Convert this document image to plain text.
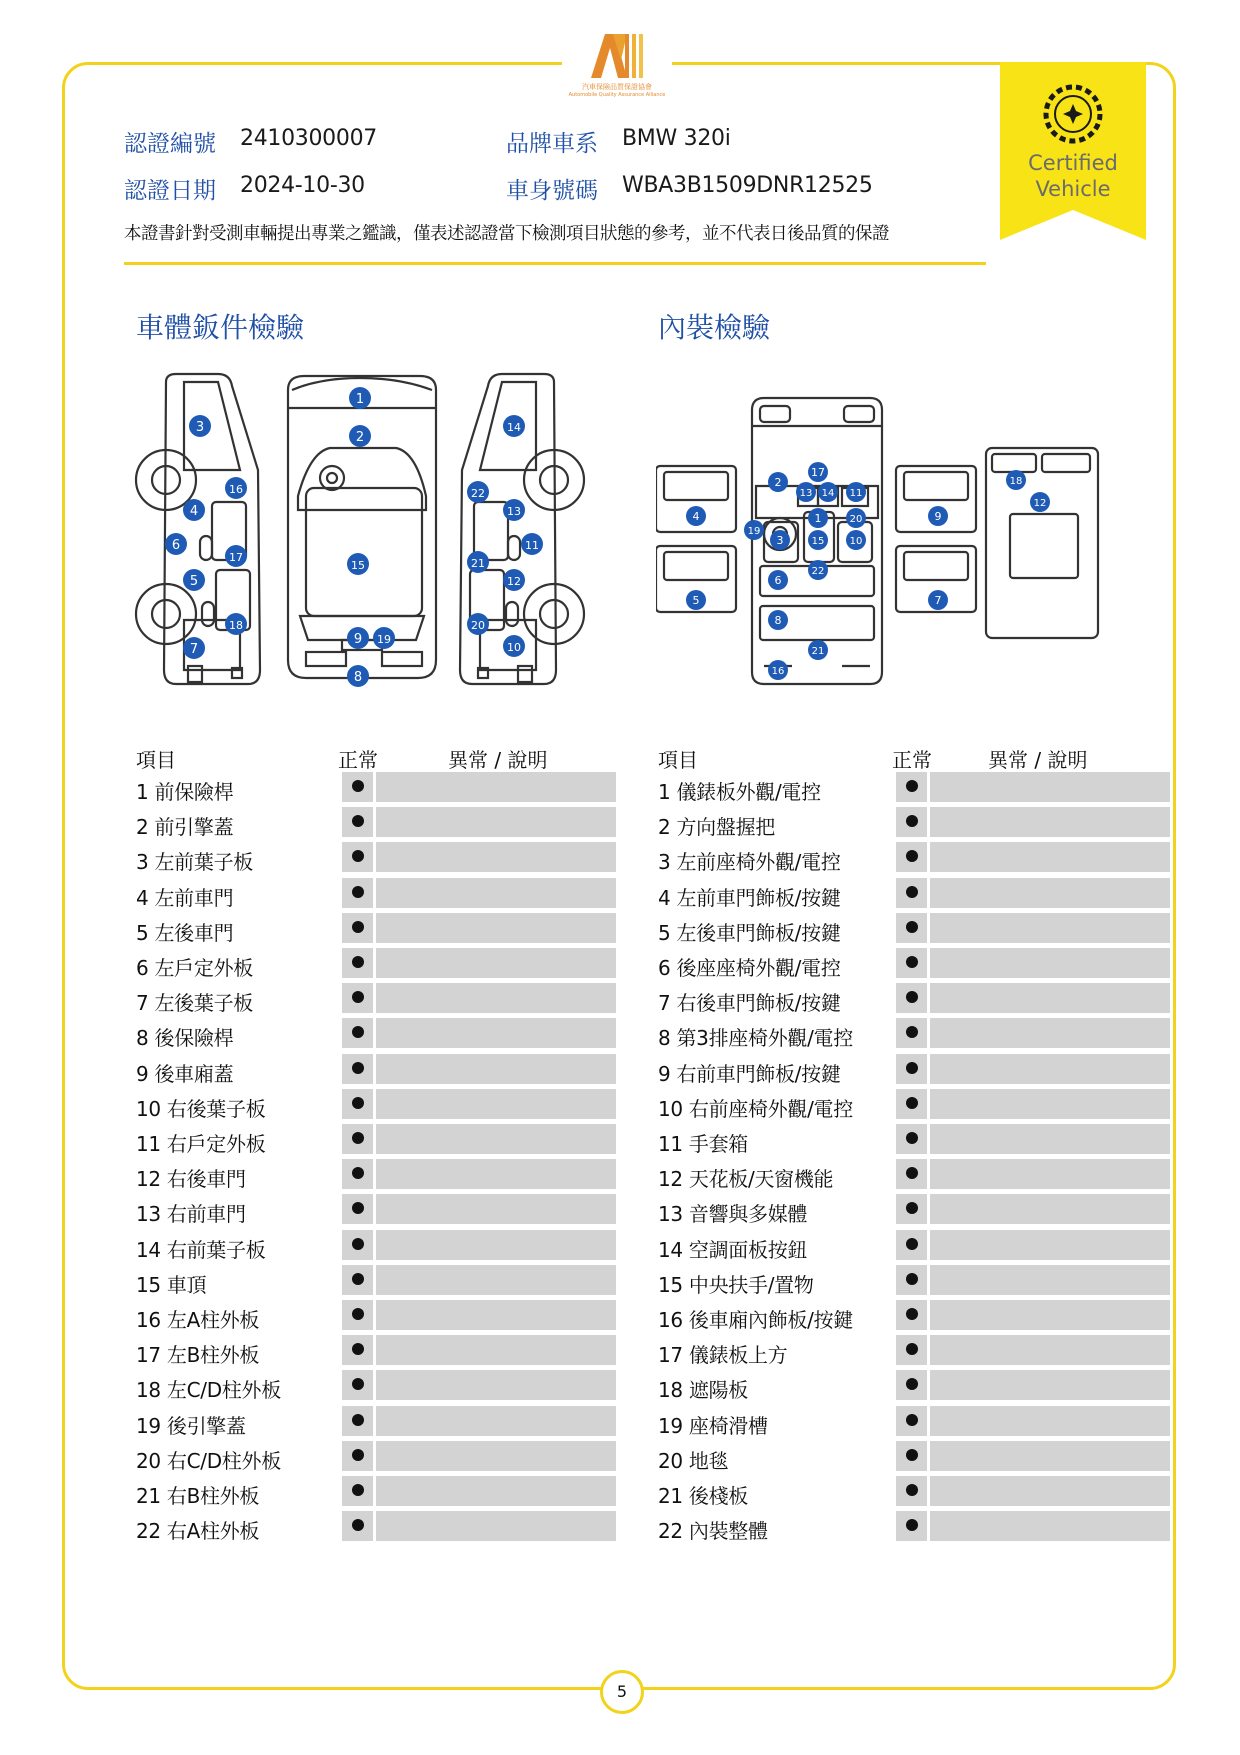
汽車保險品質保證協會
Automobile Quality Assurance Alliance
Certified
Vehicle
認證編號 2410300007	品牌車系 BMW 320i
認證日期 2024-10-30	車身號碼 WBA3B1509DNR12525
本證書針對受測車輛提出專業之鑑識，僅表述認證當下檢測項目狀態的參考，並不代表日後品質的保證
車體鈑件檢驗	內裝檢驗
1
2
3
4
5
6
7
8
9 19
15
16
17
18
14
22
13
11
21
12
20
10
17
2
13 14 11
1	20
19
3	15	10
22
6
8
21
16
4
5
9
7
18
12
項目	正常	異常 / 說明	項目	正常	異常 / 說明
1 前保險桿
2 前引擎蓋
3 左前葉子板
4 左前車門
5 左後車門
6 左戶定外板
7 左後葉子板
8 後保險桿
9 後車廂蓋
10 右後葉子板
11 右戶定外板
12 右後車門
13 右前車門
14 右前葉子板
15 車頂
16 左A柱外板
17 左B柱外板
18 左C/D柱外板
19 後引擎蓋
20 右C/D柱外板
21 右B柱外板
22 右A柱外板
1 儀錶板外觀/電控
2 方向盤握把
3 左前座椅外觀/電控
4 左前車門飾板/按鍵
5 左後車門飾板/按鍵
6 後座座椅外觀/電控
7 右後車門飾板/按鍵
8 第3排座椅外觀/電控
9 右前車門飾板/按鍵
10 右前座椅外觀/電控
11 手套箱
12 天花板/天窗機能
13 音響與多媒體
14 空調面板按鈕
15 中央扶手/置物
16 後車廂內飾板/按鍵
17 儀錶板上方
18 遮陽板
19 座椅滑槽
20 地毯
21 後棧板
22 內裝整體
5
